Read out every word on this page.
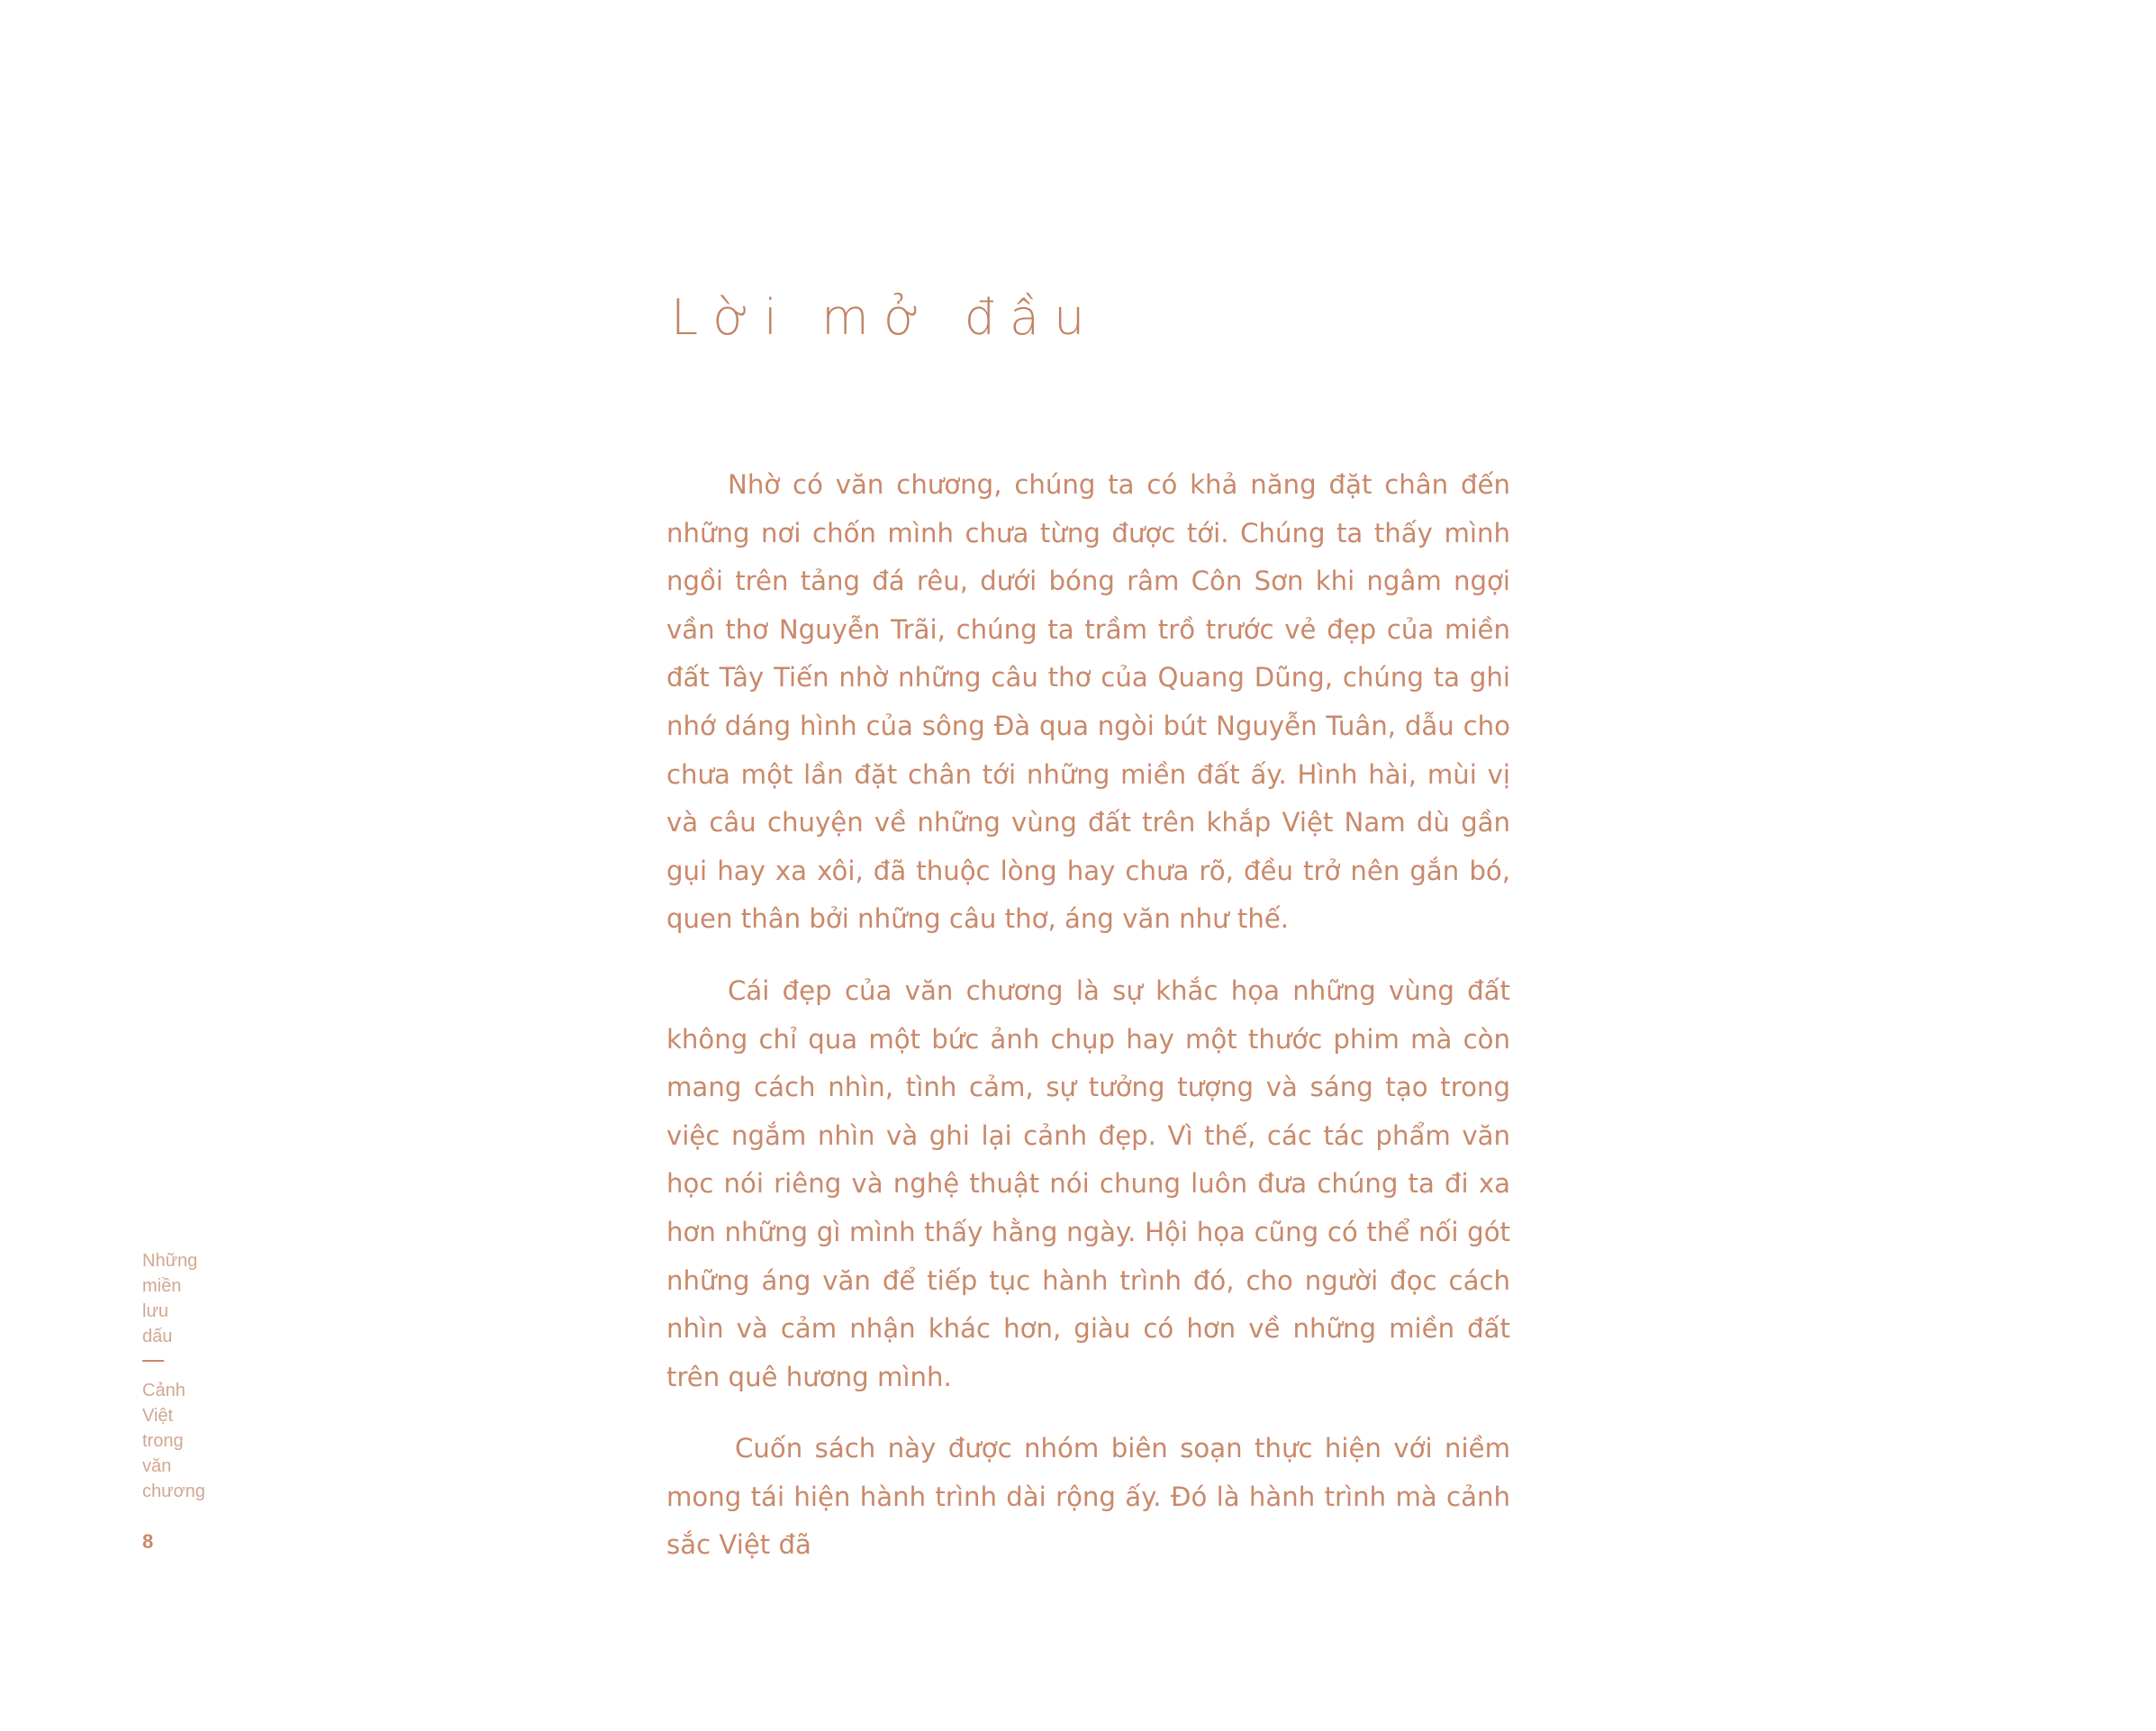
Lời mở đầu

Nhờ có văn chương, chúng ta có khả năng đặt chân đến những nơi chốn mình chưa từng được tới. Chúng ta thấy mình ngồi trên tảng đá rêu, dưới bóng râm Côn Sơn khi ngâm ngợi vần thơ Nguyễn Trãi, chúng ta trầm trồ trước vẻ đẹp của miền đất Tây Tiến nhờ những câu thơ của Quang Dũng, chúng ta ghi nhớ dáng hình của sông Đà qua ngòi bút Nguyễn Tuân, dẫu cho chưa một lần đặt chân tới những miền đất ấy. Hình hài, mùi vị và câu chuyện về những vùng đất trên khắp Việt Nam dù gần gụi hay xa xôi, đã thuộc lòng hay chưa rõ, đều trở nên gắn bó, quen thân bởi những câu thơ, áng văn như thế.

Cái đẹp của văn chương là sự khắc họa những vùng đất không chỉ qua một bức ảnh chụp hay một thước phim mà còn mang cách nhìn, tình cảm, sự tưởng tượng và sáng tạo trong việc ngắm nhìn và ghi lại cảnh đẹp. Vì thế, các tác phẩm văn học nói riêng và nghệ thuật nói chung luôn đưa chúng ta đi xa hơn những gì mình thấy hằng ngày. Hội họa cũng có thể nối gót những áng văn để tiếp tục hành trình đó, cho người đọc cách nhìn và cảm nhận khác hơn, giàu có hơn về những miền đất trên quê hương mình.

Cuốn sách này được nhóm biên soạn thực hiện với niềm mong tái hiện hành trình dài rộng ấy. Đó là hành trình mà cảnh sắc Việt đã

Những
miền
lưu
dấu
Cảnh
Việt
trong
văn
chương
8
